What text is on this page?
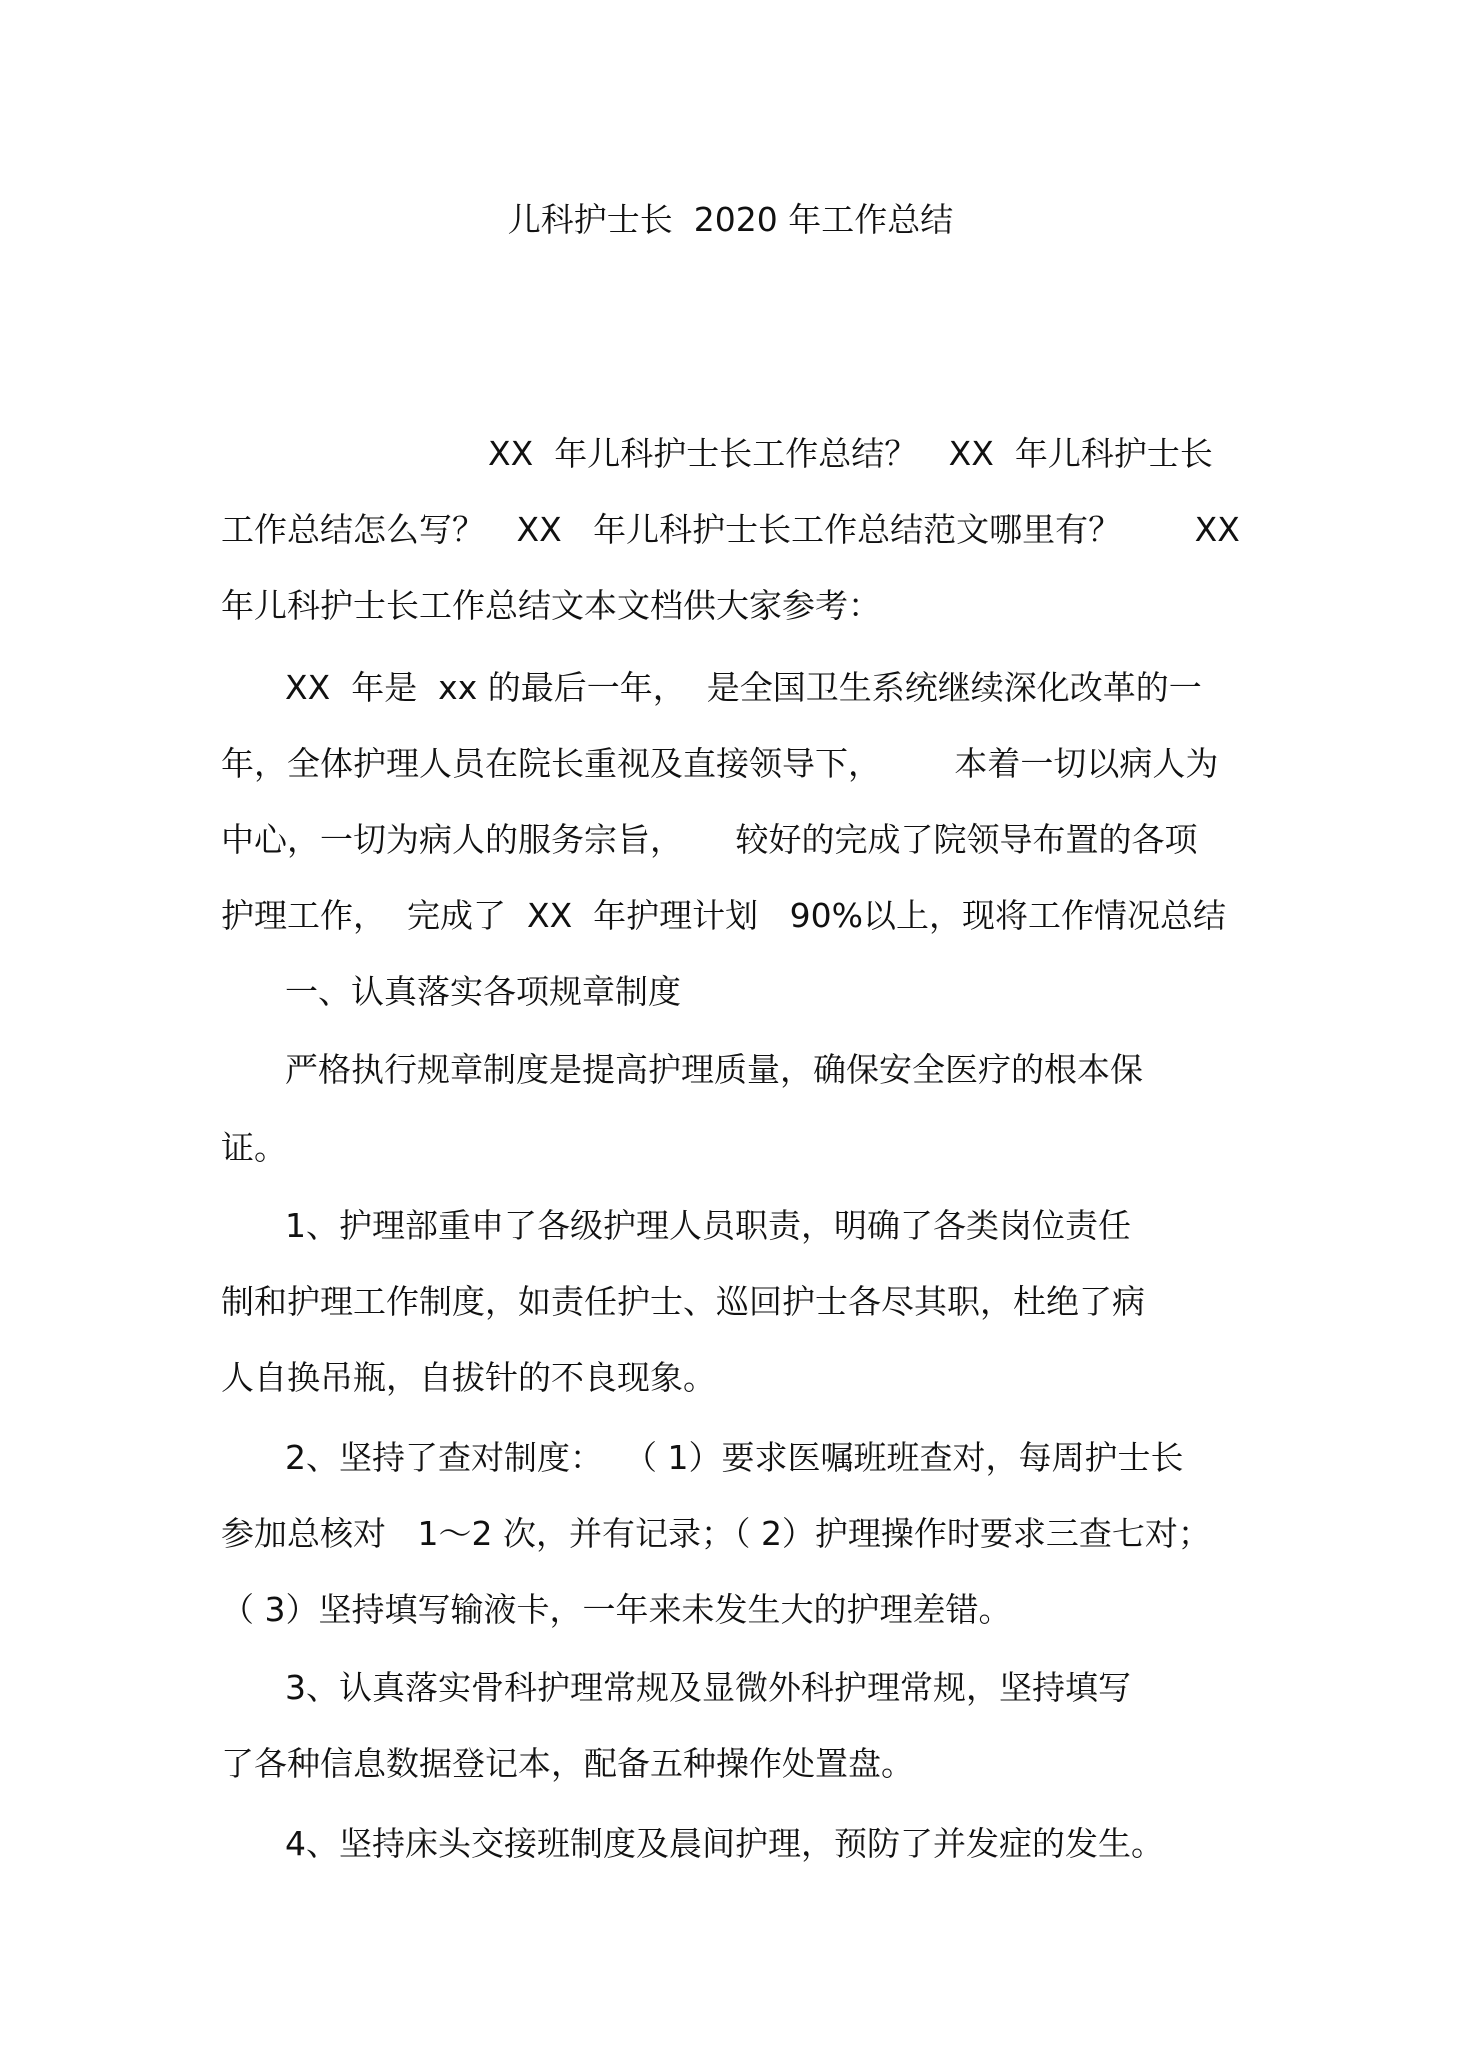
儿科护士长  2020 年工作总结
XX  年儿科护士长工作总结？   XX  年儿科护士长
工作总结怎么写？   XX   年儿科护士长工作总结范文哪里有？       XX
年儿科护士长工作总结文本文档供大家参考：
XX  年是  xx 的最后一年，  是全国卫生系统继续深化改革的一
年，全体护理人员在院长重视及直接领导下，       本着一切以病人为
中心，一切为病人的服务宗旨，     较好的完成了院领导布置的各项
护理工作，  完成了  XX  年护理计划   90%以上，现将工作情况总结
一、认真落实各项规章制度
严格执行规章制度是提高护理质量，确保安全医疗的根本保
证。
1、护理部重申了各级护理人员职责，明确了各类岗位责任
制和护理工作制度，如责任护士、巡回护士各尽其职，杜绝了病
人自换吊瓶，自拔针的不良现象。
2、坚持了查对制度：  （ 1）要求医嘱班班查对，每周护士长
参加总核对   1～2 次，并有记录；（ 2）护理操作时要求三查七对；
（ 3）坚持填写输液卡，一年来未发生大的护理差错。
3、认真落实骨科护理常规及显微外科护理常规，坚持填写
了各种信息数据登记本，配备五种操作处置盘。
4、坚持床头交接班制度及晨间护理，预防了并发症的发生。
